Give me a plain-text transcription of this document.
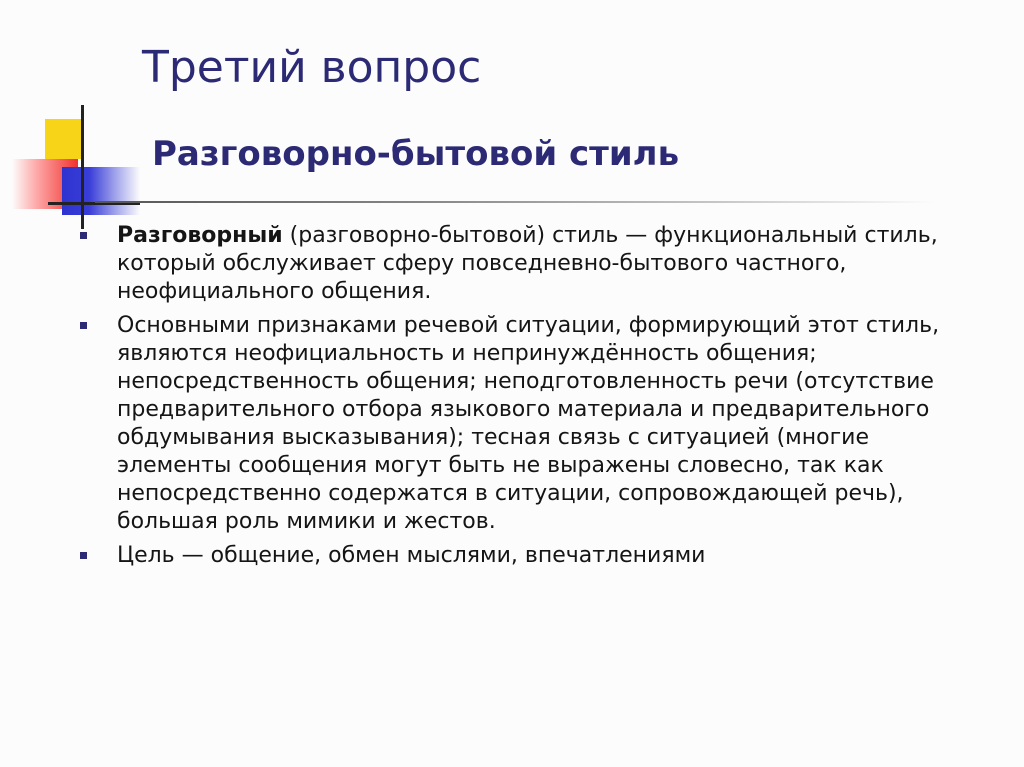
Третий вопрос
Разговорно-бытовой стиль
Разговорный (разговорно-бытовой) стиль — функциональный стиль, который обслуживает сферу повседневно-бытового частного, неофициального общения.
Основными признаками речевой ситуации, формирующий этот стиль, являются неофициальность и непринуждённость общения; непосредственность общения; неподготовленность речи (отсутствие предварительного отбора языкового материала и предварительного обдумывания высказывания); тесная связь с ситуацией (многие элементы сообщения могут быть не выражены словесно, так как непосредственно содержатся в ситуации, сопровождающей речь), большая роль мимики и жестов.
Цель — общение, обмен мыслями, впечатлениями
